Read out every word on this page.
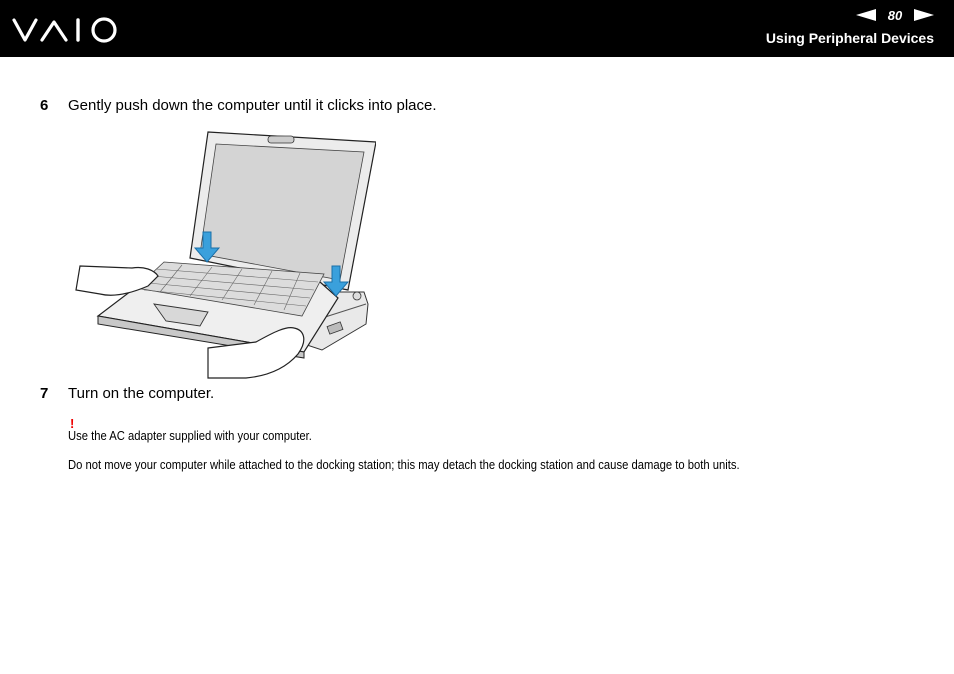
80
Using Peripheral Devices
6	Gently push down the computer until it clicks into place.
7	Turn on the computer.
!
Use the AC adapter supplied with your computer.
Do not move your computer while attached to the docking station; this may detach the docking station and cause damage to both units.
